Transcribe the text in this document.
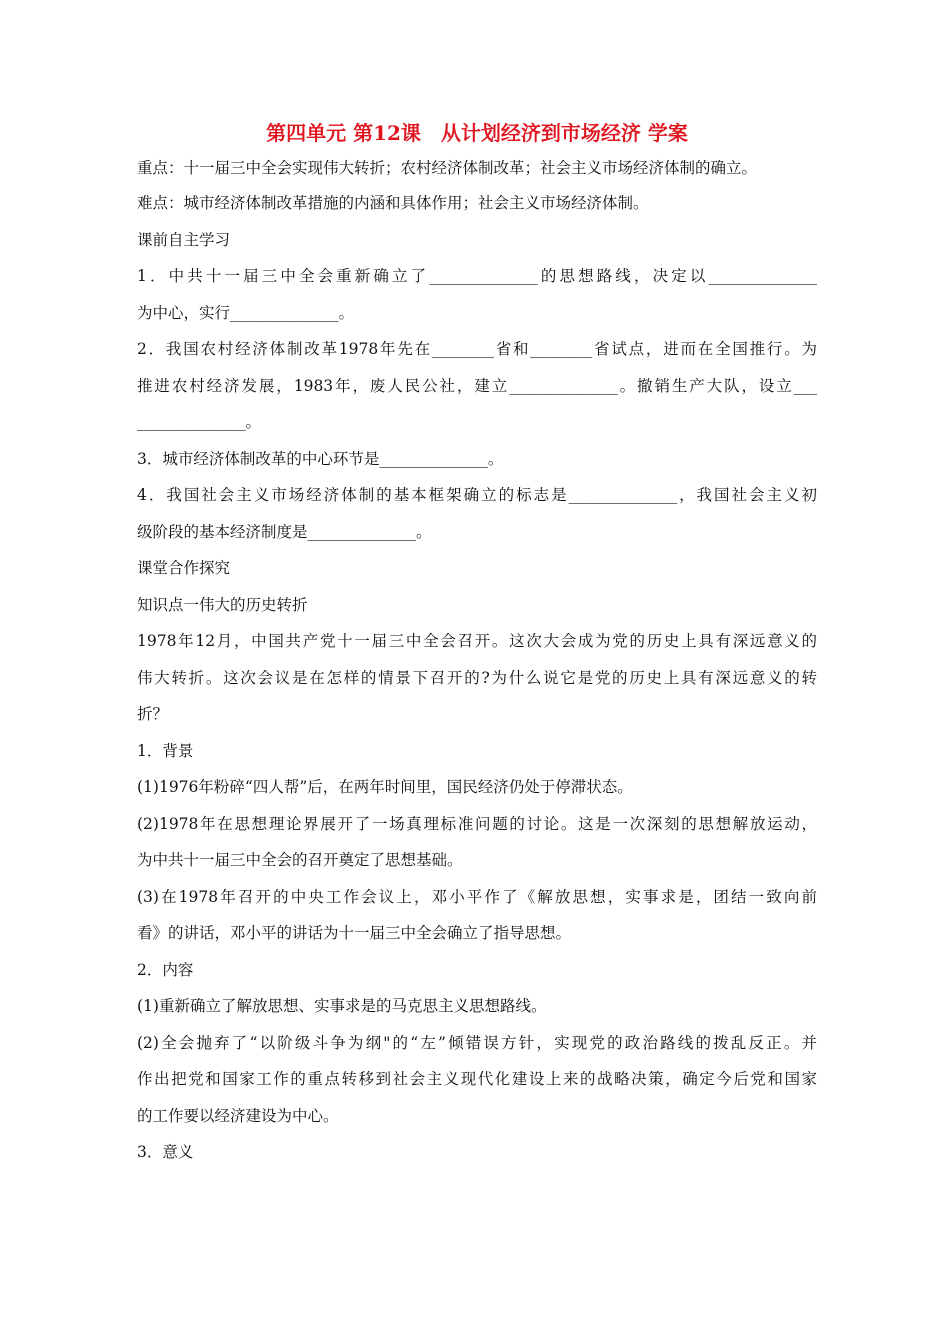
第四单元 第12课　从计划经济到市场经济 学案
重点：十一届三中全会实现伟大转折；农村经济体制改革；社会主义市场经济体制的确立。
难点：城市经济体制改革措施的内涵和具体作用；社会主义市场经济体制。
课前自主学习
1．中共十一届三中全会重新确立了______________的思想路线，决定以______________
为中心，实行______________。
2．我国农村经济体制改革1978年先在________省和________省试点，进而在全国推行。为
推进农村经济发展，1983年，废人民公社，建立______________。撤销生产大队，设立___
______________。
3．城市经济体制改革的中心环节是______________。
4．我国社会主义市场经济体制的基本框架确立的标志是______________，我国社会主义初
级阶段的基本经济制度是______________。
课堂合作探究
知识点一伟大的历史转折
1978年12月，中国共产党十一届三中全会召开。这次大会成为党的历史上具有深远意义的
伟大转折。这次会议是在怎样的情景下召开的?为什么说它是党的历史上具有深远意义的转
折？
1．背景
(1)1976年粉碎“四人帮”后，在两年时间里，国民经济仍处于停滞状态。
(2)1978年在思想理论界展开了一场真理标准问题的讨论。这是一次深刻的思想解放运动，
为中共十一届三中全会的召开奠定了思想基础。
(3)在1978年召开的中央工作会议上，邓小平作了《解放思想，实事求是，团结一致向前
看》的讲话，邓小平的讲话为十一届三中全会确立了指导思想。
2．内容
(1)重新确立了解放思想、实事求是的马克思主义思想路线。
(2)全会抛弃了“以阶级斗争为纲"的“左”倾错误方针，实现党的政治路线的拨乱反正。并
作出把党和国家工作的重点转移到社会主义现代化建设上来的战略决策，确定今后党和国家
的工作要以经济建设为中心。
3．意义
